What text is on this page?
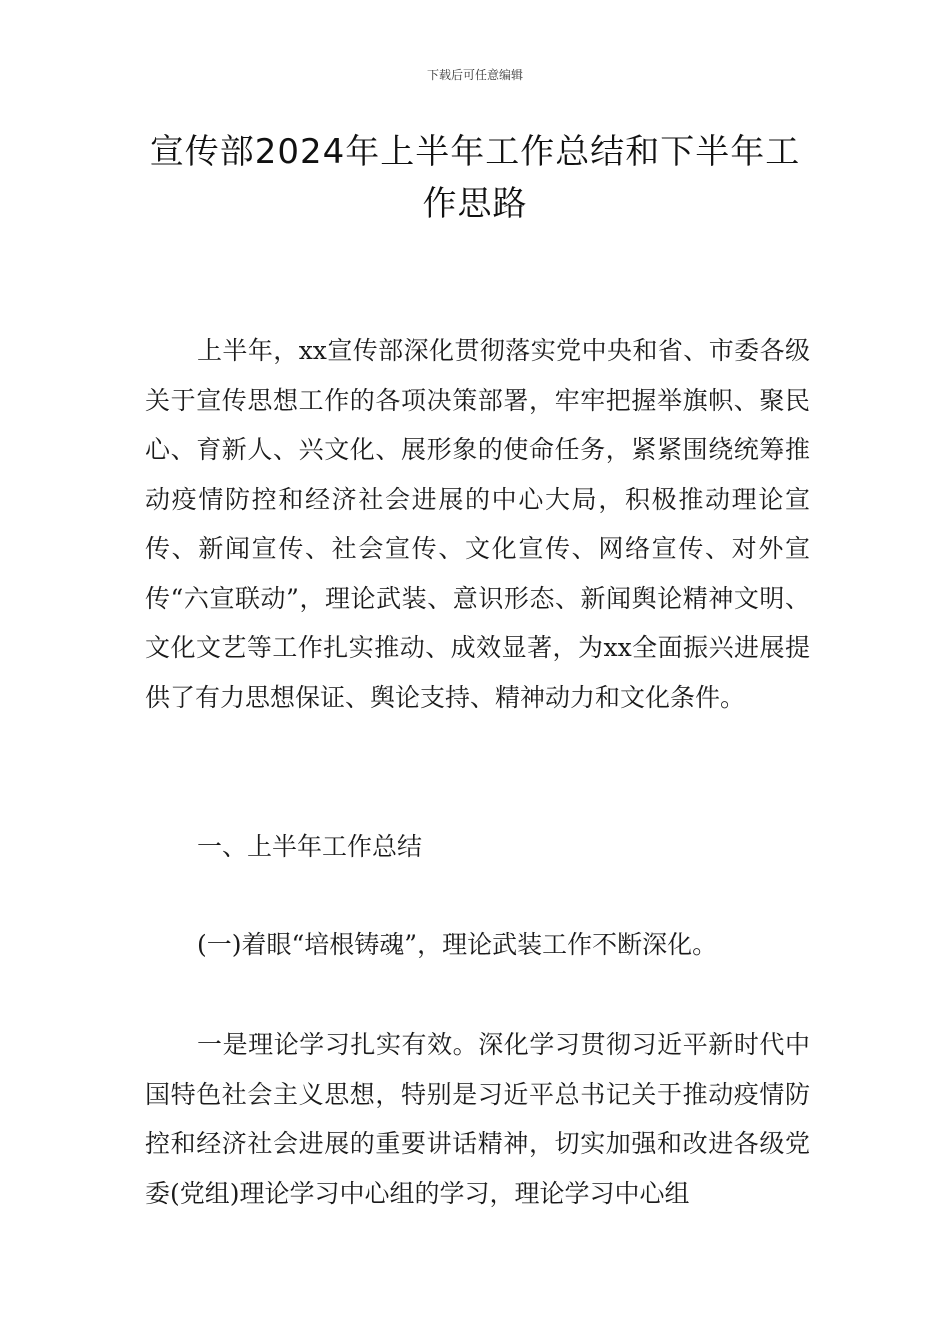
下载后可任意编辑
宣传部2024年上半年工作总结和下半年工作思路

上半年，xx宣传部深化贯彻落实党中央和省、市委各级关于宣传思想工作的各项决策部署，牢牢把握举旗帜、聚民心、育新人、兴文化、展形象的使命任务，紧紧围绕统筹推动疫情防控和经济社会进展的中心大局，积极推动理论宣传、新闻宣传、社会宣传、文化宣传、网络宣传、对外宣传“六宣联动”，理论武装、意识形态、新闻舆论精神文明、文化文艺等工作扎实推动、成效显著，为xx全面振兴进展提供了有力思想保证、舆论支持、精神动力和文化条件。

一、上半年工作总结

(一)着眼“培根铸魂”，理论武装工作不断深化。

一是理论学习扎实有效。深化学习贯彻习近平新时代中国特色社会主义思想，特别是习近平总书记关于推动疫情防控和经济社会进展的重要讲话精神，切实加强和改进各级党委(党组)理论学习中心组的学习，理论学习中心组
